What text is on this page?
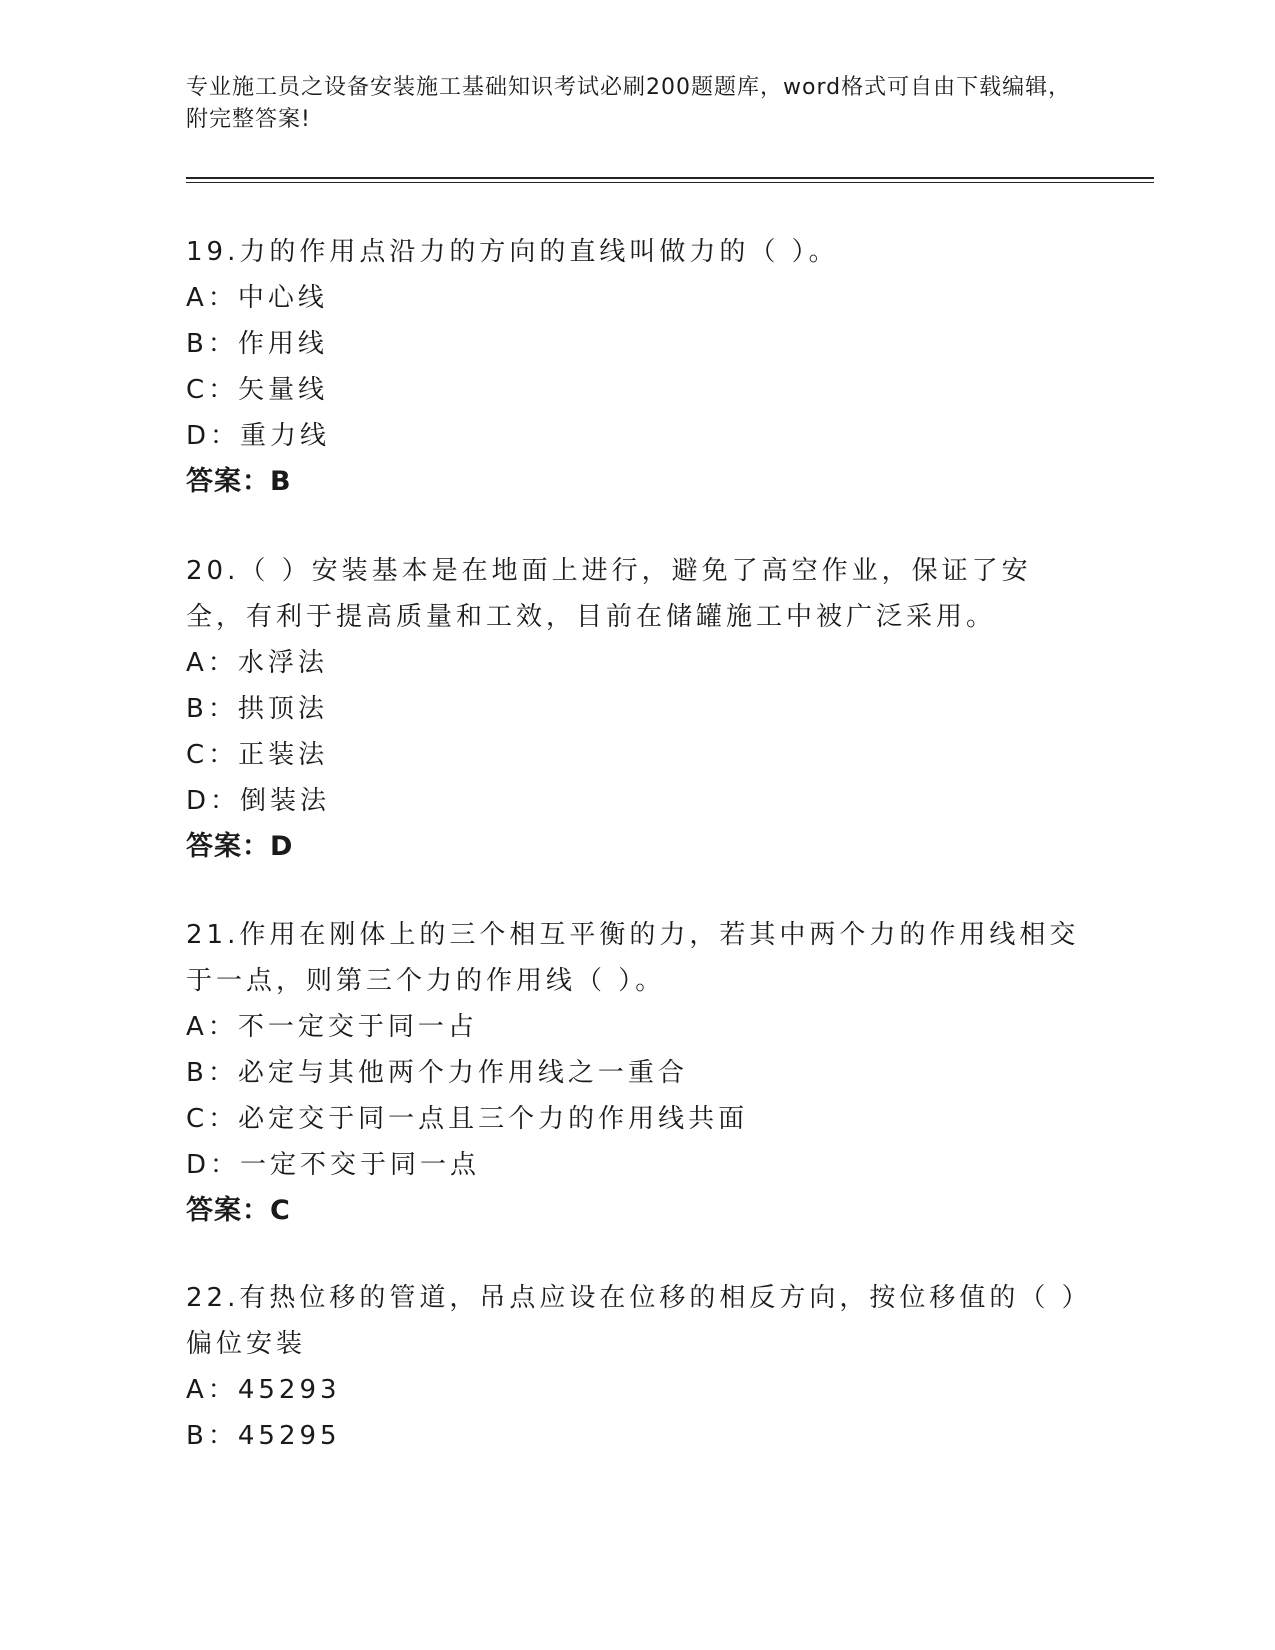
专业施工员之设备安装施工基础知识考试必刷200题题库，word格式可自由下载编辑，附完整答案!

19.力的作用点沿力的方向的直线叫做力的（ ）。

A：中心线

B：作用线

C：矢量线

D：重力线

答案：B

20.（ ）安装基本是在地面上进行，避免了高空作业，保证了安全，有利于提高质量和工效，目前在储罐施工中被广泛采用。

A：水浮法

B：拱顶法

C：正装法

D：倒装法

答案：D

21.作用在刚体上的三个相互平衡的力，若其中两个力的作用线相交于一点，则第三个力的作用线（ ）。

A：不一定交于同一占

B：必定与其他两个力作用线之一重合

C：必定交于同一点且三个力的作用线共面

D：一定不交于同一点

答案：C

22.有热位移的管道，吊点应设在位移的相反方向，按位移值的（ ）偏位安装

A：45293

B：45295
